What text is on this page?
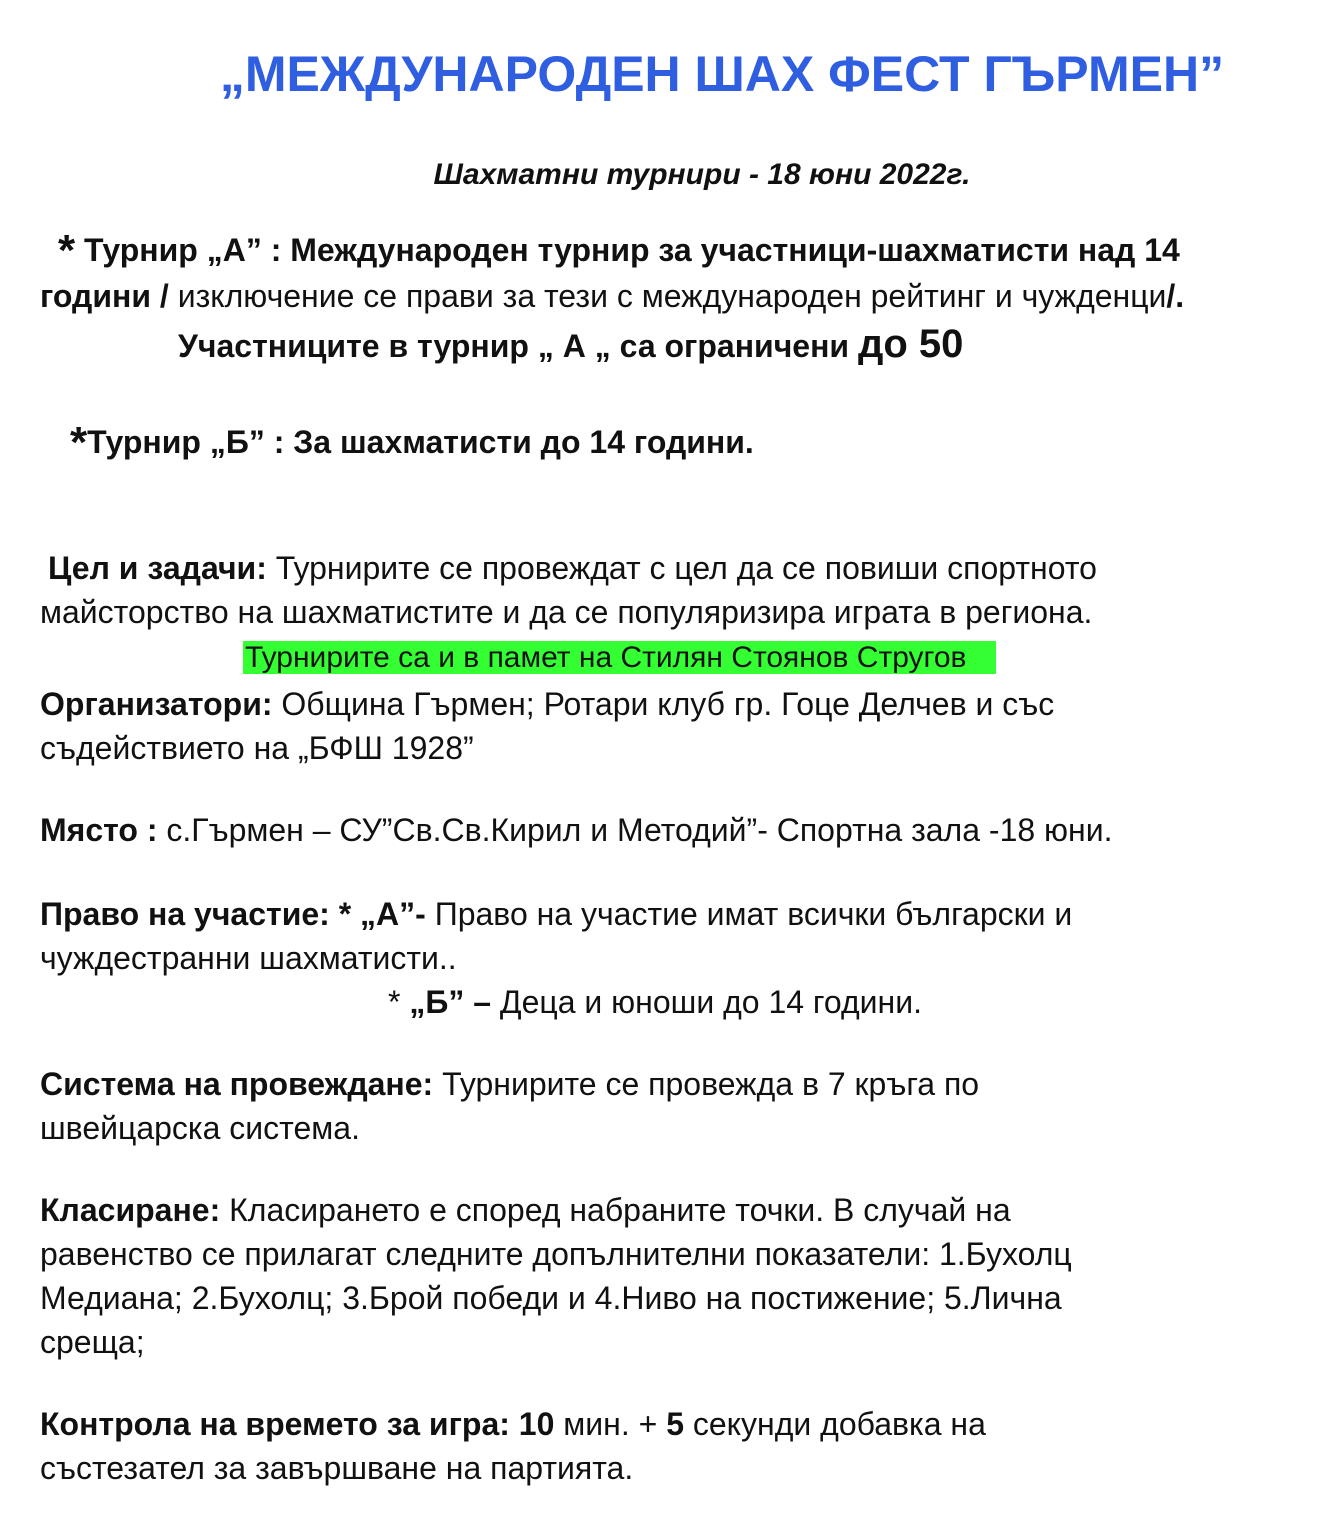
„МЕЖДУНАРОДЕН ШАХ ФЕСТ ГЪРМЕН”
Шахматни турнири - 18 юни 2022г.
* Турнир „А” : Международен турнир за участници-шахматисти над 14
години / изключение се прави за тези с международен рейтинг и чужденци/.
Участниците в турнир „ А „ са ограничени до 50
*Турнир „Б” : За шахматисти до 14 години.
Цел и задачи: Турнирите се провеждат с цел да се повиши спортното
майсторство на шахматистите и да се популяризира играта в региона.
Турнирите са и в памет на Стилян Стоянов Стругов
Организатори: Община Гърмен; Ротари клуб гр. Гоце Делчев и със
съдействието на „БФШ 1928”
Място : с.Гърмен – СУ”Св.Св.Кирил и Методий”- Спортна зала -18 юни.
Право на участие: * „А”- Право на участие имат всички български и
чуждестранни шахматисти..
* „Б” – Деца и юноши до 14 години.
Система на провеждане: Турнирите се провежда в 7 кръга по
швейцарска система.
Класиране: Класирането е според набраните точки. В случай на
равенство се прилагат следните допълнителни показатели: 1.Бухолц
Медиана; 2.Бухолц; 3.Брой победи и 4.Ниво на постижение; 5.Лична
среща;
Контрола на времето за игра: 10 мин. + 5 секунди добавка на
състезател за завършване на партията.
